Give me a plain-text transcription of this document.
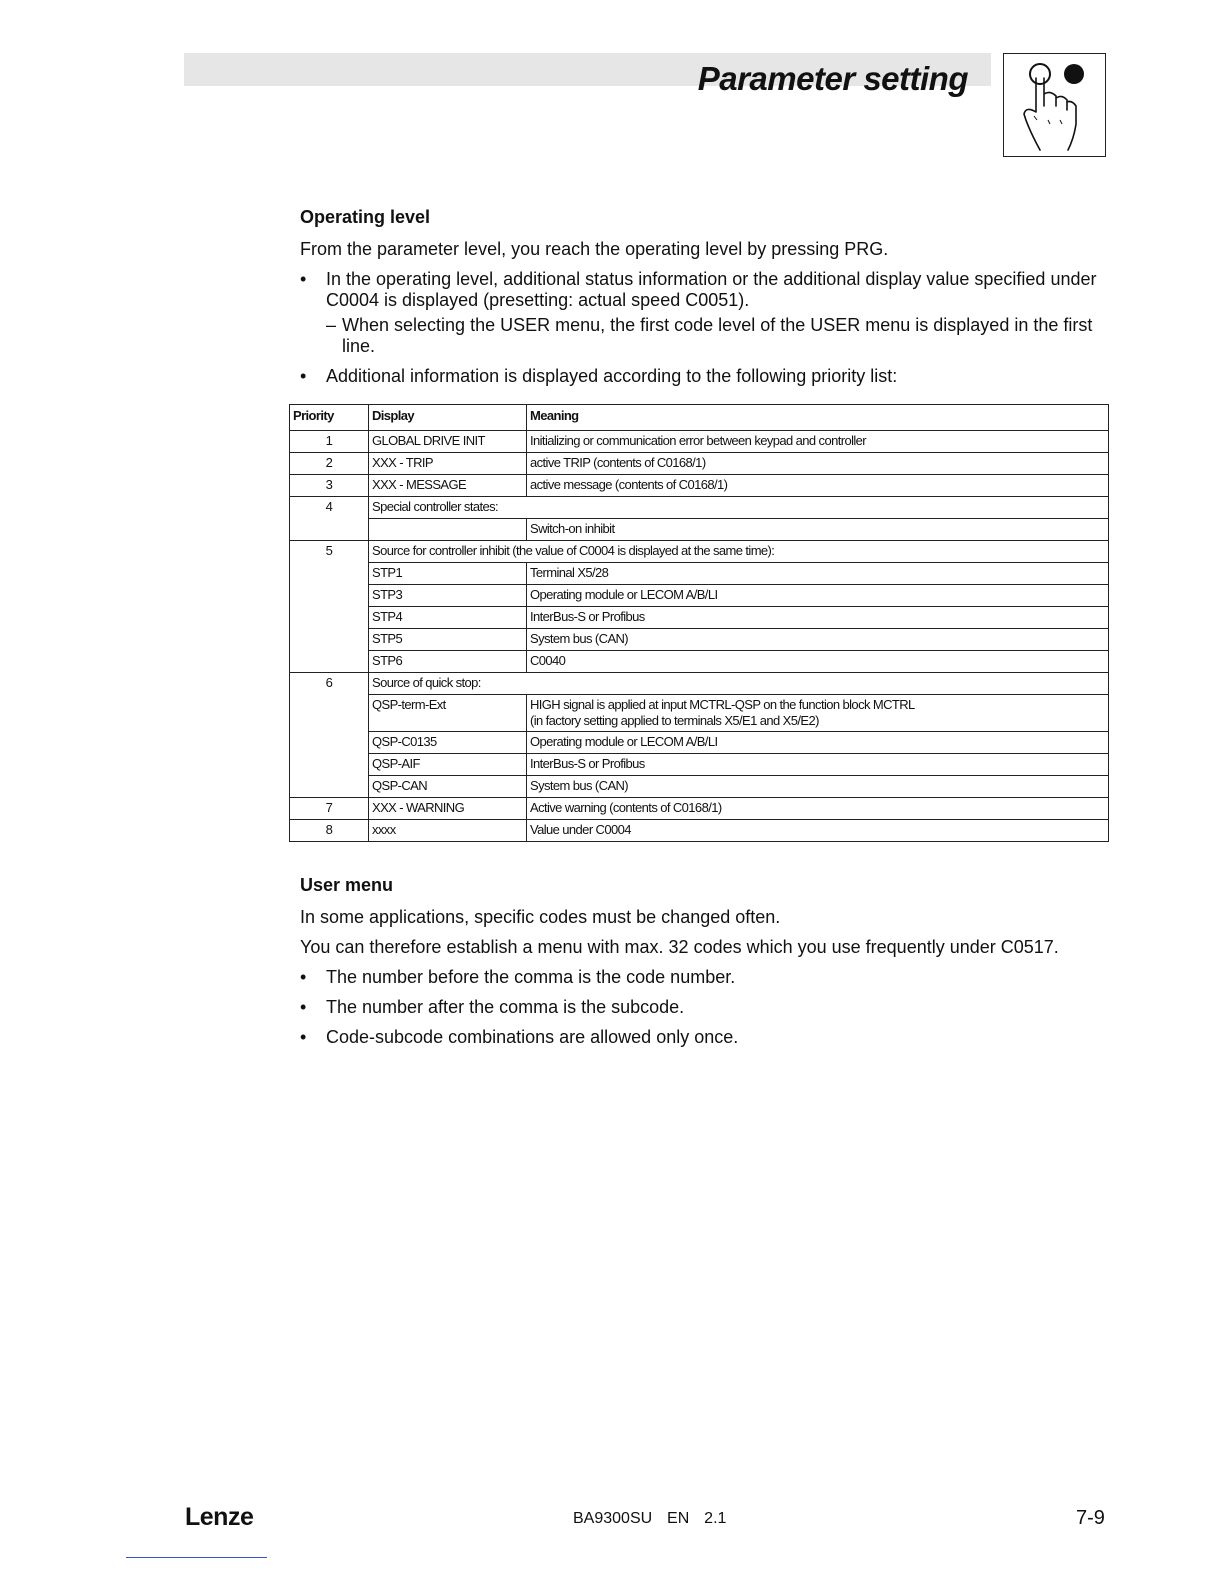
Parameter setting
Operating level
From the parameter level, you reach the operating level by pressing PRG.
• In the operating level, additional status information or the additional display value specified under C0004 is displayed (presetting: actual speed C0051).
– When selecting the USER menu, the first code level of the USER menu is displayed in the first line.
• Additional information is displayed according to the following priority list:
Priority	Display	Meaning
1	GLOBAL DRIVE INIT	Initializing or communication error between keypad and controller
2	XXX - TRIP	active TRIP (contents of C0168/1)
3	XXX - MESSAGE	active message (contents of C0168/1)
4	Special controller states:	
		Switch-on inhibit
5	Source for controller inhibit (the value of C0004 is displayed at the same time):	
	STP1	Terminal X5/28
	STP3	Operating module or LECOM A/B/LI
	STP4	InterBus-S or Profibus
	STP5	System bus (CAN)
	STP6	C0040
6	Source of quick stop:	
	QSP-term-Ext	HIGH signal is applied at input MCTRL-QSP on the function block MCTRL
(in factory setting applied to terminals X5/E1 and X5/E2)

	QSP-C0135	Operating module or LECOM A/B/LI
	QSP-AIF	InterBus-S or Profibus
	QSP-CAN	System bus (CAN)
7	XXX - WARNING	Active warning (contents of C0168/1)
8	xxxx	Value under C0004
User menu
In some applications, specific codes must be changed often.
You can therefore establish a menu with max. 32 codes which you use frequently under C0517.
• The number before the comma is the code number.
• The number after the comma is the subcode.
• Code-subcode combinations are allowed only once.
Lenze	BA9300SU  EN  2.1	7-9
